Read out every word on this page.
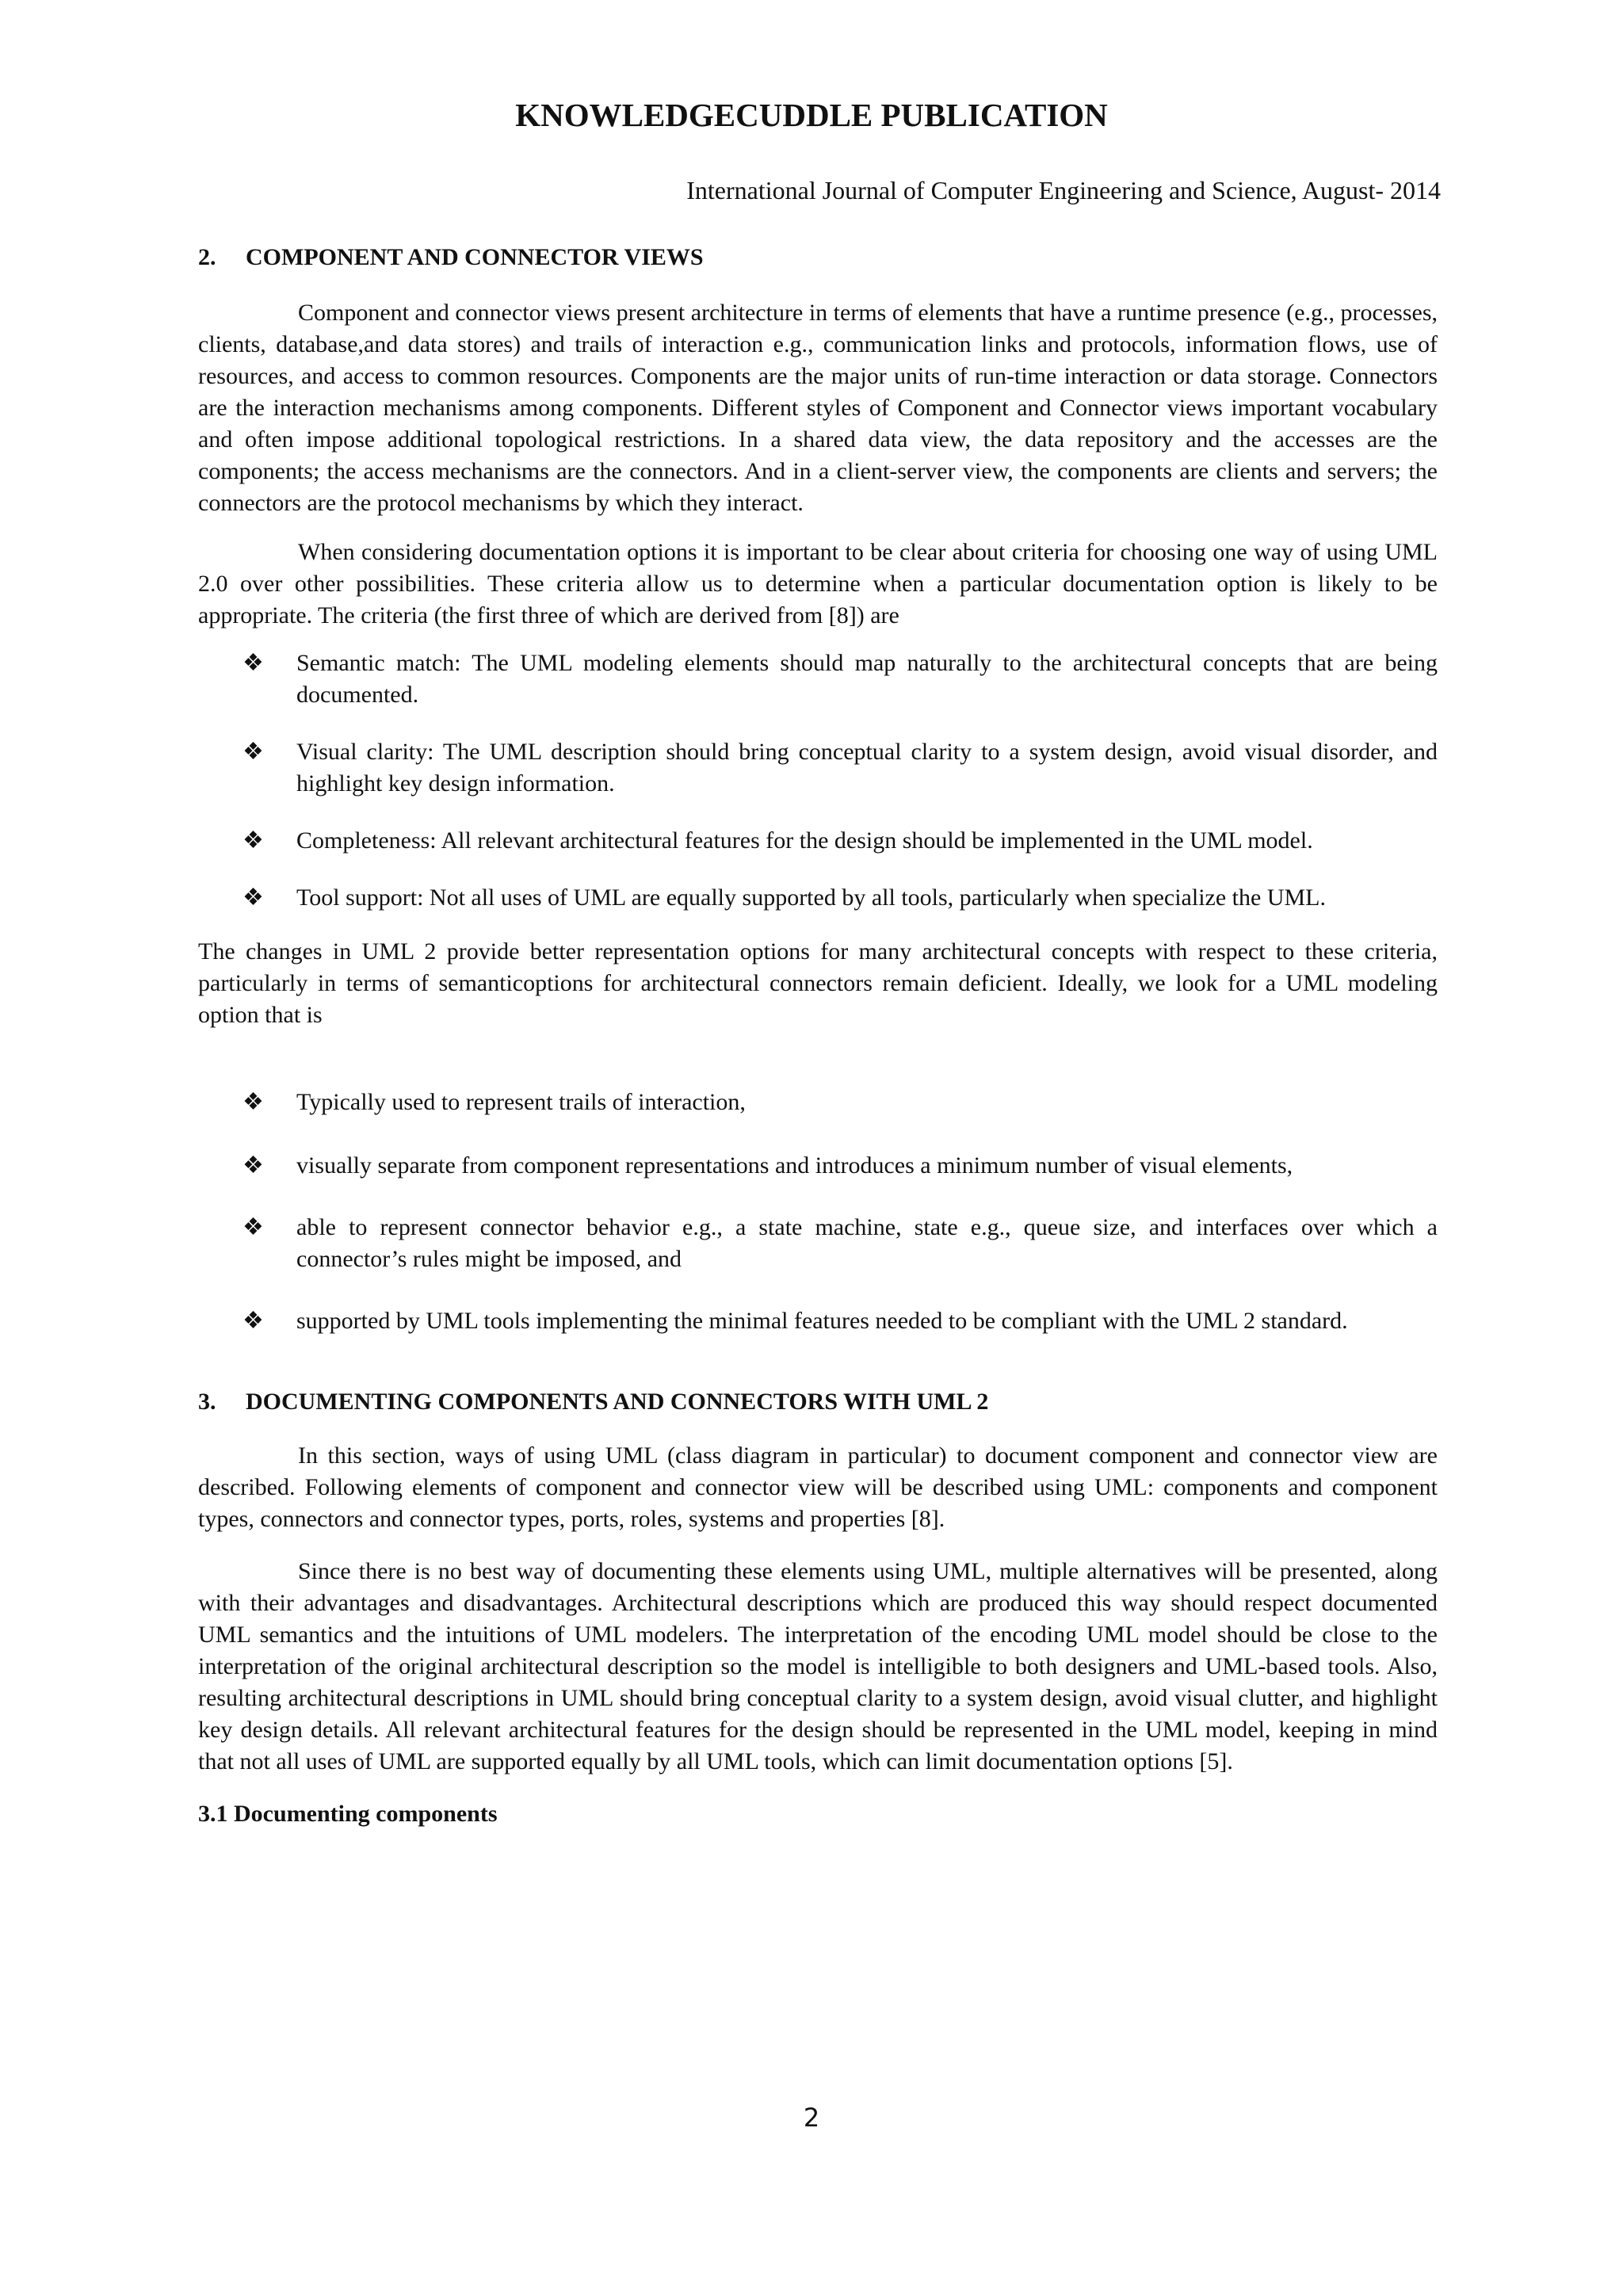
KNOWLEDGECUDDLE PUBLICATION
International Journal of Computer Engineering and Science, August- 2014
2.	COMPONENT AND CONNECTOR VIEWS

Component and connector views present architecture in terms of elements that have a runtime presence (e.g., processes, clients, database,and data stores) and trails of interaction e.g., communication links and protocols, information flows, use of resources, and access to common resources. Components are the major units of run-time interaction or data storage. Connectors are the interaction mechanisms among components. Different styles of Component and Connector views important vocabulary and often impose additional topological restrictions. In a shared data view, the data repository and the accesses are the components; the access mechanisms are the connectors. And in a client-server view, the components are clients and servers; the connectors are the protocol mechanisms by which they interact.

When considering documentation options it is important to be clear about criteria for choosing one way of using UML 2.0 over other possibilities. These criteria allow us to determine when a particular documentation option is likely to be appropriate. The criteria (the first three of which are derived from [8]) are

❖ Semantic match: The UML modeling elements should map naturally to the architectural concepts that are being documented.
❖ Visual clarity: The UML description should bring conceptual clarity to a system design, avoid visual disorder, and highlight key design information.
❖ Completeness: All relevant architectural features for the design should be implemented in the UML model.
❖ Tool support: Not all uses of UML are equally supported by all tools, particularly when specialize the UML.

The changes in UML 2 provide better representation options for many architectural concepts with respect to these criteria, particularly in terms of semanticoptions for architectural connectors remain deficient. Ideally, we look for a UML modeling option that is

❖ Typically used to represent trails of interaction,
❖ visually separate from component representations and introduces a minimum number of visual elements,
❖ able to represent connector behavior e.g., a state machine, state e.g., queue size, and interfaces over which a connector’s rules might be imposed, and
❖ supported by UML tools implementing the minimal features needed to be compliant with the UML 2 standard.
3.	DOCUMENTING COMPONENTS AND CONNECTORS WITH UML 2

In this section, ways of using UML (class diagram in particular) to document component and connector view are described. Following elements of component and connector view will be described using UML: components and component types, connectors and connector types, ports, roles, systems and properties [8].

Since there is no best way of documenting these elements using UML, multiple alternatives will be presented, along with their advantages and disadvantages. Architectural descriptions which are produced this way should respect documented UML semantics and the intuitions of UML modelers. The interpretation of the encoding UML model should be close to the interpretation of the original architectural description so the model is intelligible to both designers and UML-based tools. Also, resulting architectural descriptions in UML should bring conceptual clarity to a system design, avoid visual clutter, and highlight key design details. All relevant architectural features for the design should be represented in the UML model, keeping in mind that not all uses of UML are supported equally by all UML tools, which can limit documentation options [5].

3.1 Documenting components
2
